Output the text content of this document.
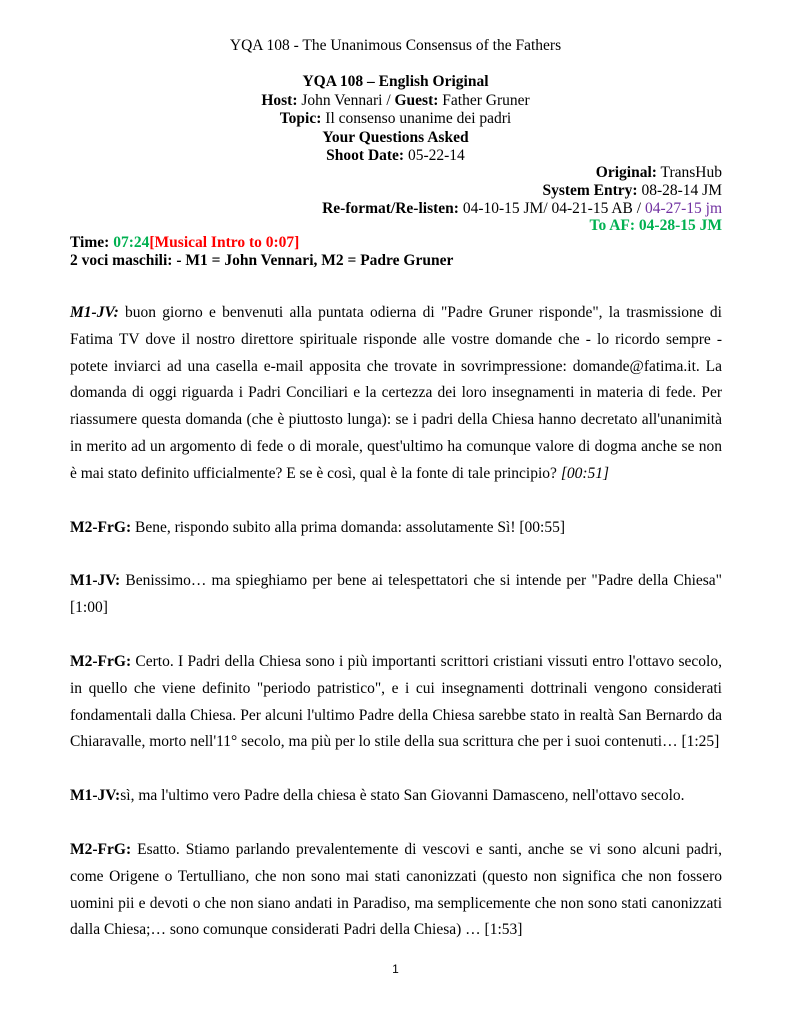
YQA 108 - The Unanimous Consensus of the Fathers
YQA 108 – English Original
Host: John Vennari / Guest: Father Gruner
Topic: Il consenso unanime dei padri
Your Questions Asked
Shoot Date: 05-22-14
Original: TransHub
System Entry: 08-28-14 JM
Re-format/Re-listen: 04-10-15 JM/ 04-21-15 AB / 04-27-15 jm
To AF: 04-28-15 JM
Time: 07:24[Musical Intro to 0:07]
2 voci maschili: - M1 = John Vennari, M2 = Padre Gruner

M1-JV: buon giorno e benvenuti alla puntata odierna di "Padre Gruner risponde", la trasmissione di Fatima TV dove il nostro direttore spirituale risponde alle vostre domande che - lo ricordo sempre - potete inviarci ad una casella e-mail apposita che trovate in sovrimpressione: domande@fatima.it. La domanda di oggi riguarda i Padri Conciliari e la certezza dei loro insegnamenti in materia di fede. Per riassumere questa domanda (che è piuttosto lunga): se i padri della Chiesa hanno decretato all'unanimità in merito ad un argomento di fede o di morale, quest'ultimo ha comunque valore di dogma anche se non è mai stato definito ufficialmente? E se è così, qual è la fonte di tale principio? [00:51]

M2-FrG: Bene, rispondo subito alla prima domanda: assolutamente Sì! [00:55]

M1-JV: Benissimo… ma spieghiamo per bene ai telespettatori che si intende per "Padre della Chiesa" [1:00]

M2-FrG: Certo. I Padri della Chiesa sono i più importanti scrittori cristiani vissuti entro l'ottavo secolo, in quello che viene definito "periodo patristico", e i cui insegnamenti dottrinali vengono considerati fondamentali dalla Chiesa. Per alcuni l'ultimo Padre della Chiesa sarebbe stato in realtà San Bernardo da Chiaravalle, morto nell'11° secolo, ma più per lo stile della sua scrittura che per i suoi contenuti… [1:25]

M1-JV:sì, ma l'ultimo vero Padre della chiesa è stato San Giovanni Damasceno, nell'ottavo secolo.

M2-FrG: Esatto. Stiamo parlando prevalentemente di vescovi e santi, anche se vi sono alcuni padri, come Origene o Tertulliano, che non sono mai stati canonizzati (questo non significa che non fossero uomini pii e devoti o che non siano andati in Paradiso, ma semplicemente che non sono stati canonizzati dalla Chiesa;… sono comunque considerati Padri della Chiesa) … [1:53]

1
